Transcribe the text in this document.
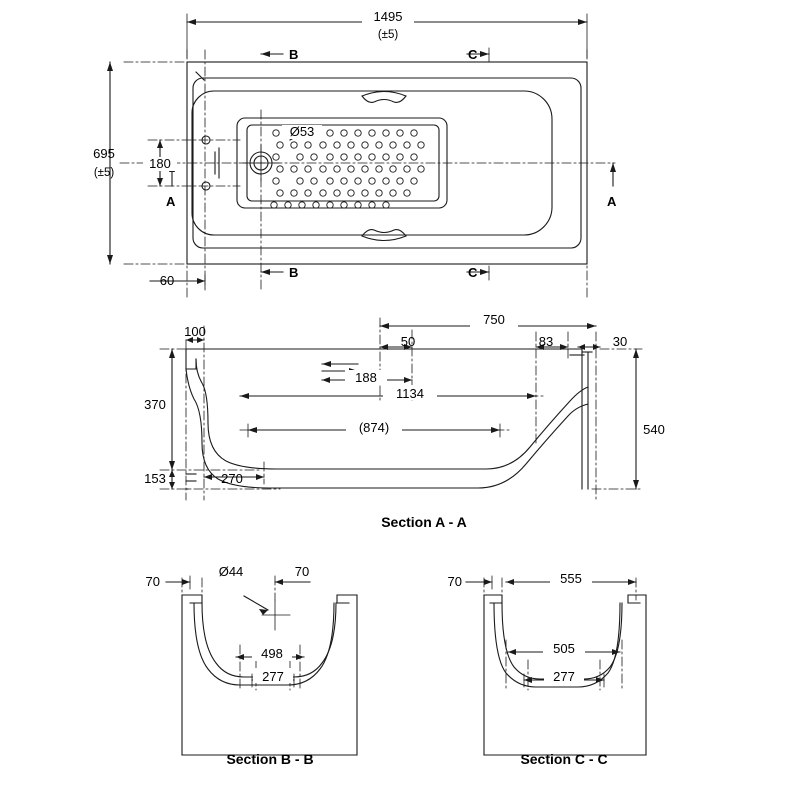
1495
(±5)
695
(±5)
180
60
Ø53
B
B
C
C
A	A
100
750
50	83	30
188
370
153	270
1134
(874)	540
Section A - A
70
Ø44	70
498
277
Section B - B
70	555
505
277
Section C - C
